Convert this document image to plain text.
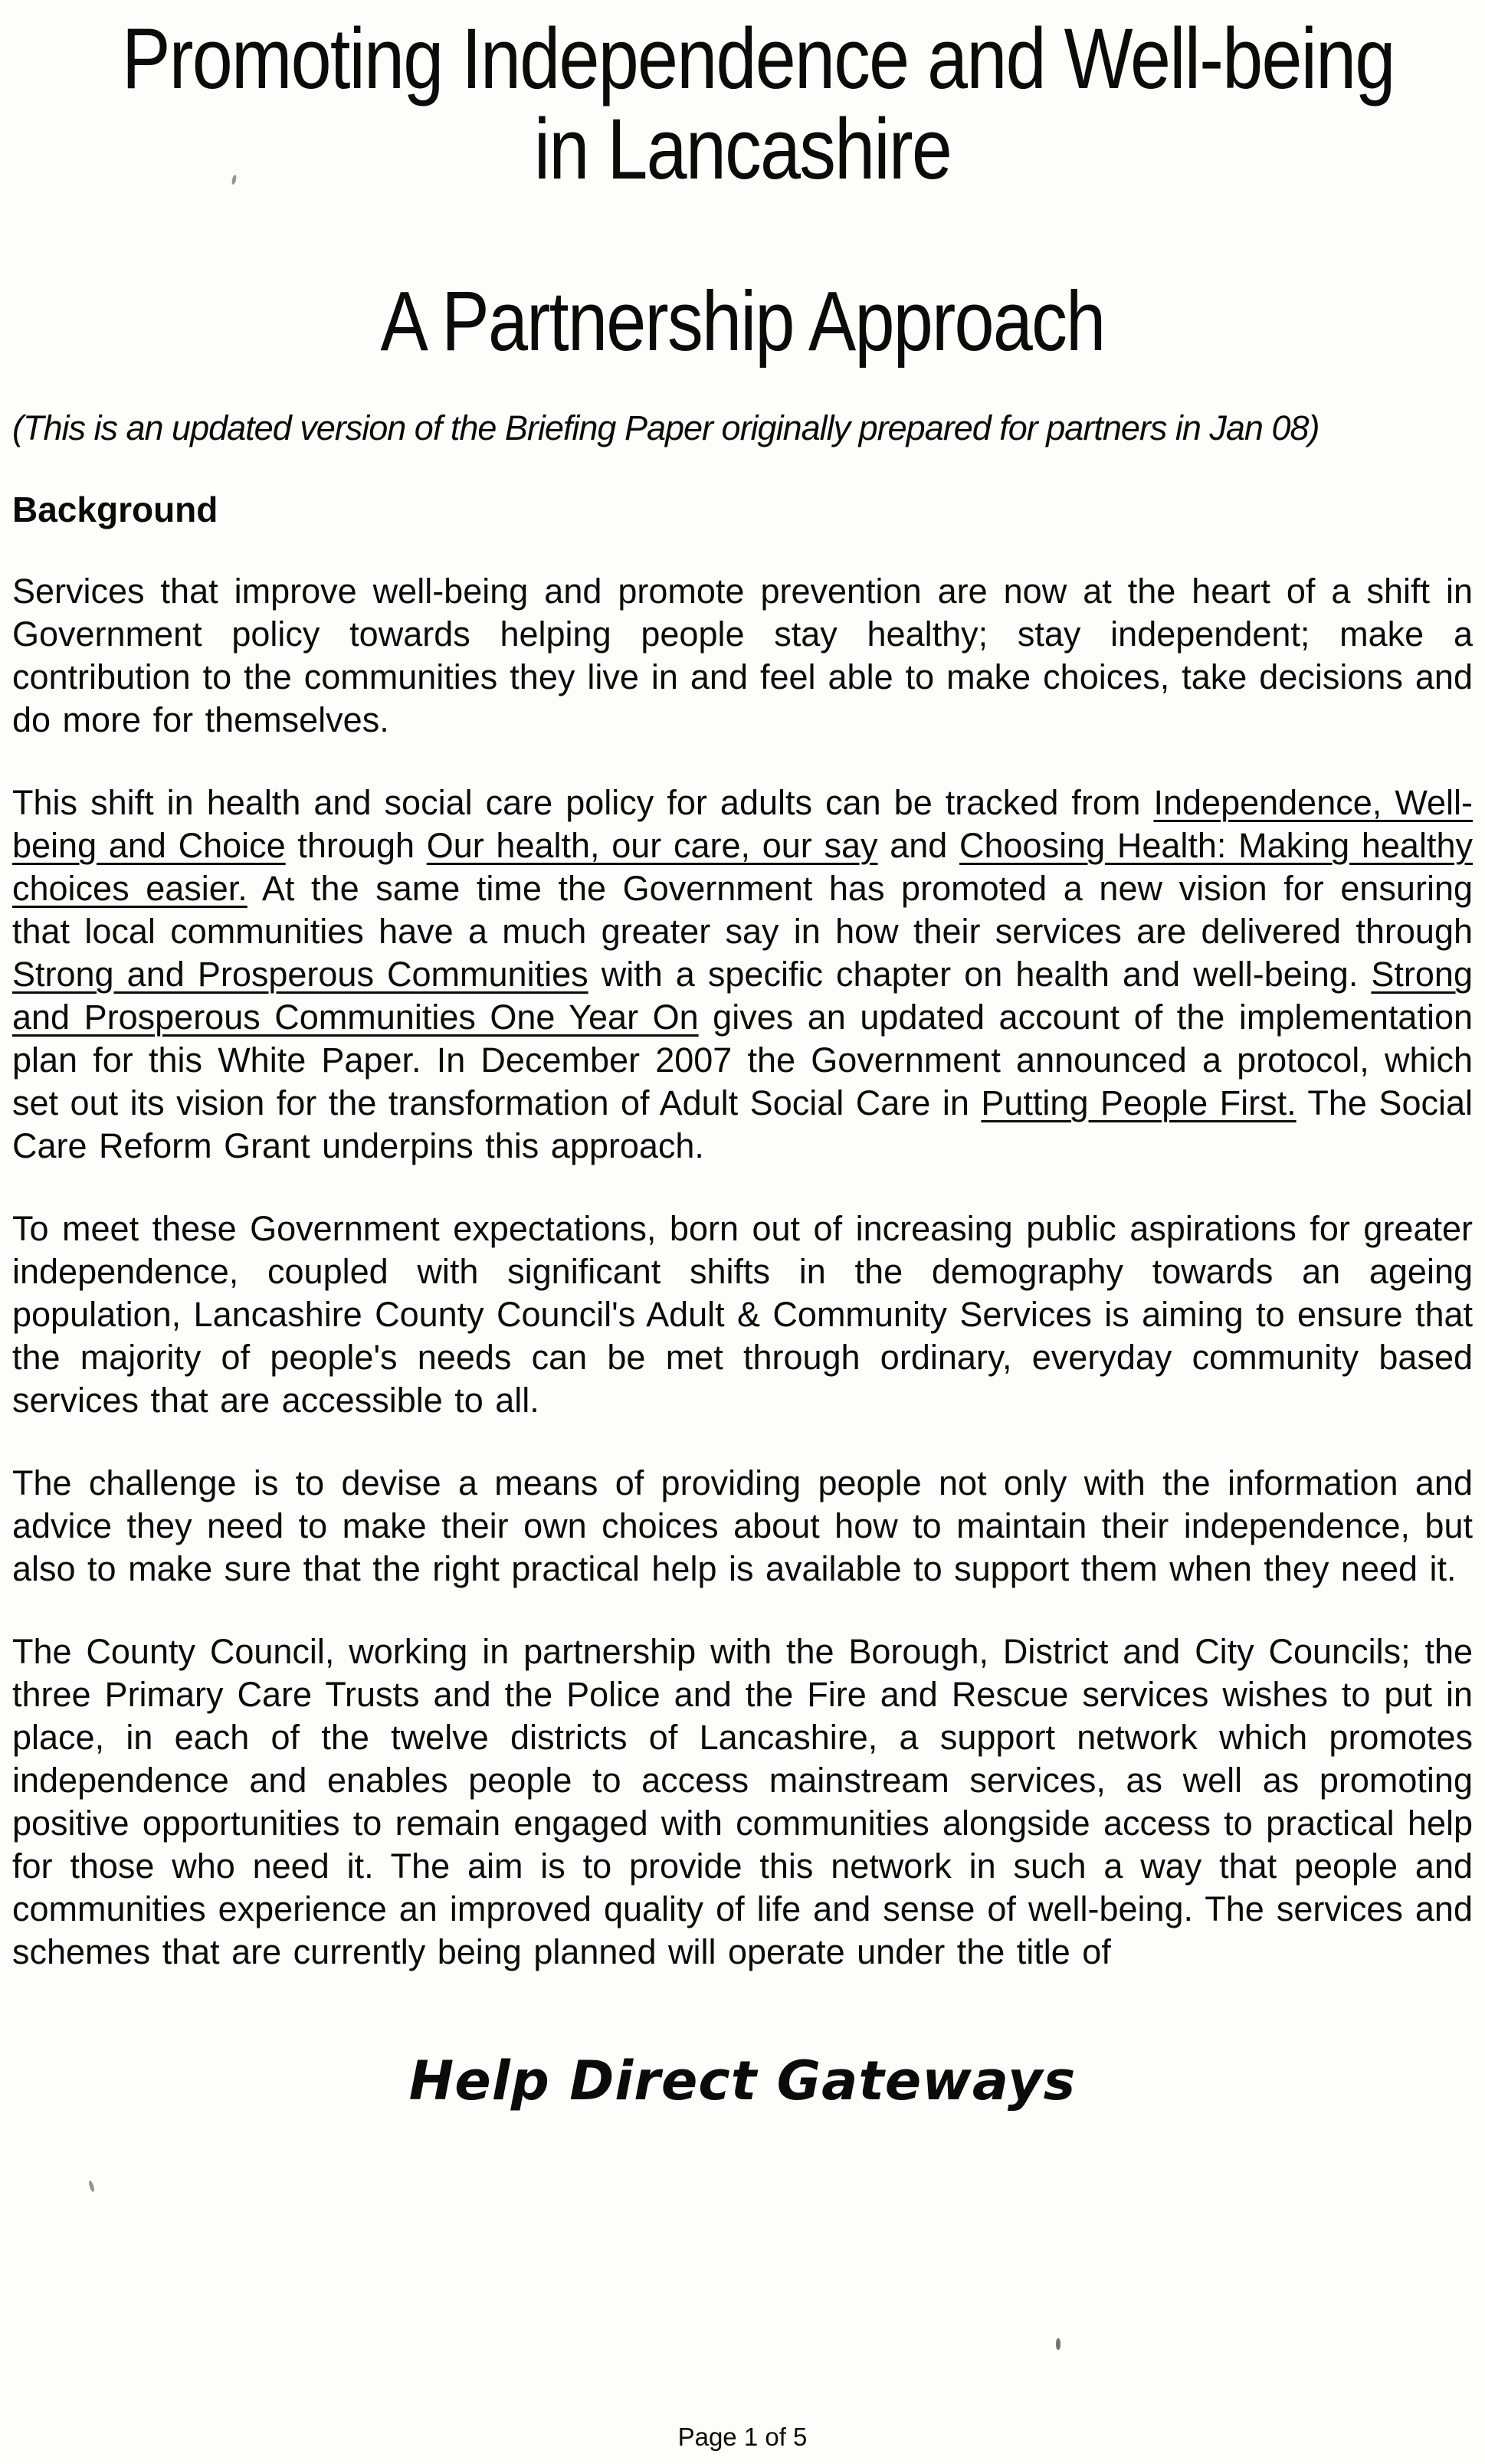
Promoting Independence and Well-being
in Lancashire
A Partnership Approach
(This is an updated version of the Briefing Paper originally prepared for partners in Jan 08)
Background

Services that improve well-being and promote prevention are now at the heart of a shift in Government policy towards helping people stay healthy; stay independent; make a contribution to the communities they live in and feel able to make choices, take decisions and do more for themselves.

This shift in health and social care policy for adults can be tracked from Independence, Well-being and Choice through Our health, our care, our say and Choosing Health: Making healthy choices easier. At the same time the Government has promoted a new vision for ensuring that local communities have a much greater say in how their services are delivered through Strong and Prosperous Communities with a specific chapter on health and well-being. Strong and Prosperous Communities One Year On gives an updated account of the implementation plan for this White Paper. In December 2007 the Government announced a protocol, which set out its vision for the transformation of Adult Social Care in Putting People First. The Social Care Reform Grant underpins this approach.

To meet these Government expectations, born out of increasing public aspirations for greater independence, coupled with significant shifts in the demography towards an ageing population, Lancashire County Council's Adult & Community Services is aiming to ensure that the majority of people's needs can be met through ordinary, everyday community based services that are accessible to all.

The challenge is to devise a means of providing people not only with the information and advice they need to make their own choices about how to maintain their independence, but also to make sure that the right practical help is available to support them when they need it.

The County Council, working in partnership with the Borough, District and City Councils; the three Primary Care Trusts and the Police and the Fire and Rescue services wishes to put in place, in each of the twelve districts of Lancashire, a support network which promotes independence and enables people to access mainstream services, as well as promoting positive opportunities to remain engaged with communities alongside access to practical help for those who need it. The aim is to provide this network in such a way that people and communities experience an improved quality of life and sense of well-being. The services and schemes that are currently being planned will operate under the title of

Help Direct Gateways
Page 1 of 5
